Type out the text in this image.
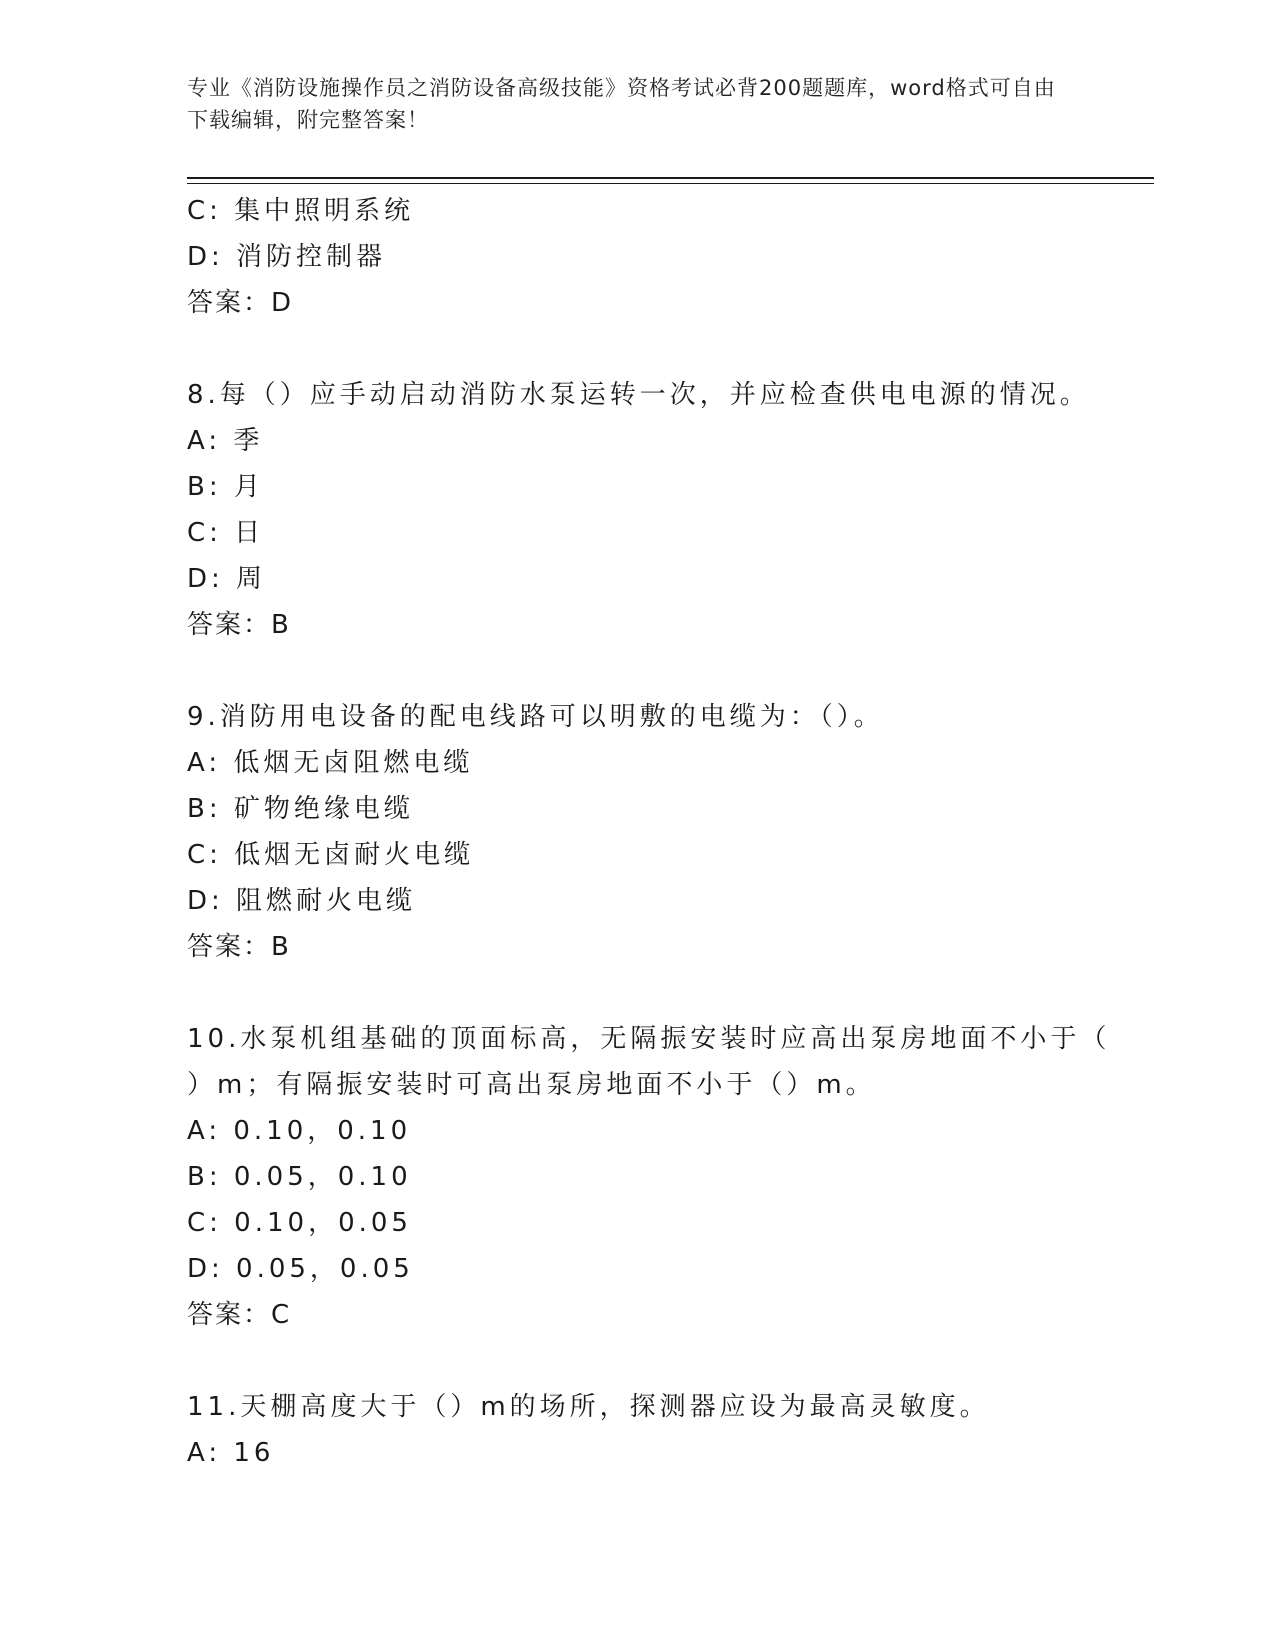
专业《消防设施操作员之消防设备高级技能》资格考试必背200题题库，word格式可自由下载编辑，附完整答案！
C: 集中照明系统
D: 消防控制器
答案：D
8.每（）应手动启动消防水泵运转一次，并应检查供电电源的情况。
A: 季
B: 月
C: 日
D: 周
答案：B
9.消防用电设备的配电线路可以明敷的电缆为：（）。
A: 低烟无卤阻燃电缆
B: 矿物绝缘电缆
C: 低烟无卤耐火电缆
D: 阻燃耐火电缆
答案：B
10.水泵机组基础的顶面标高，无隔振安装时应高出泵房地面不小于（
）m；有隔振安装时可高出泵房地面不小于（）m。
A: 0.10，0.10
B: 0.05，0.10
C: 0.10，0.05
D: 0.05，0.05
答案：C
11.天棚高度大于（）m的场所，探测器应设为最高灵敏度。
A: 16
